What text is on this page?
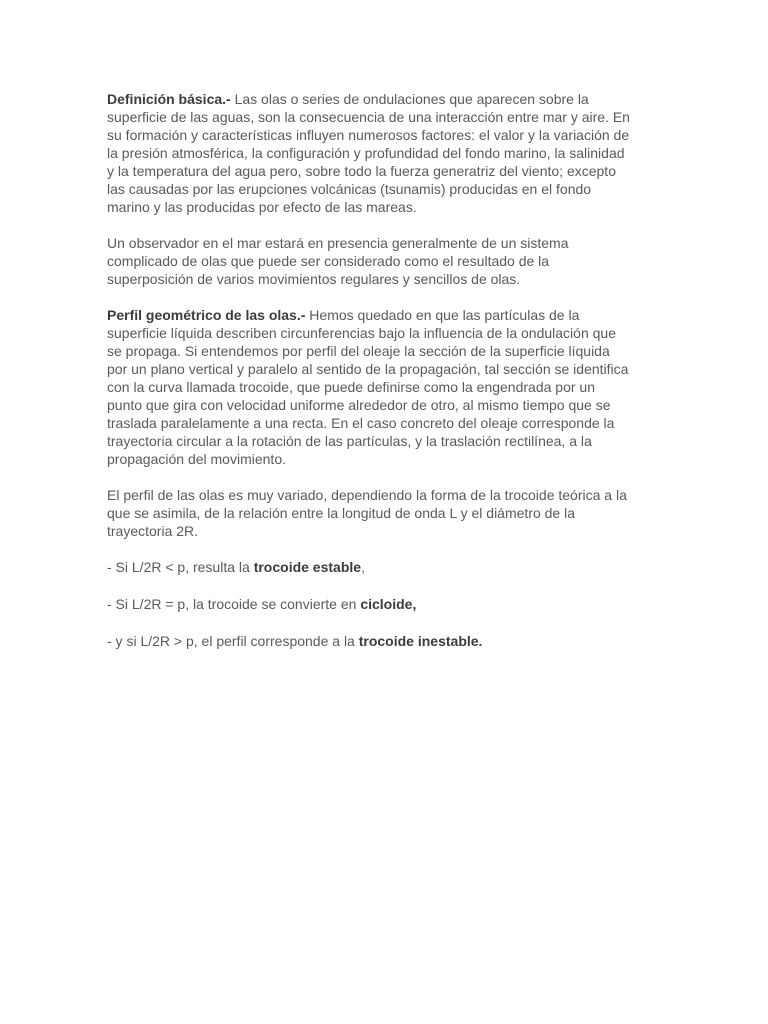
Definición básica.- Las olas o series de ondulaciones que aparecen sobre la superficie de las aguas, son la consecuencia de una interacción entre mar y aire. En su formación y características influyen numerosos factores: el valor y la variación de la presión atmosférica, la configuración y profundidad del fondo marino, la salinidad y la temperatura del agua pero, sobre todo la fuerza generatriz del viento; excepto las causadas por las erupciones volcánicas (tsunamis) producidas en el fondo marino y las producidas por efecto de las mareas.

Un observador en el mar estará en presencia generalmente de un sistema complicado de olas que puede ser considerado como el resultado de la superposición de varios movimientos regulares y sencillos de olas.

Perfil geométrico de las olas.- Hemos quedado en que las partículas de la superficie líquida describen circunferencias bajo la influencia de la ondulación que se propaga. Si entendemos por perfil del oleaje la sección de la superficie líquida por un plano vertical y paralelo al sentido de la propagación, tal sección se identifica con la curva llamada trocoide, que puede definirse como la engendrada por un punto que gira con velocidad uniforme alrededor de otro, al mismo tiempo que se traslada paralelamente a una recta. En el caso concreto del oleaje corresponde la trayectoria circular a la rotación de las partículas, y la traslación rectilínea, a la propagación del movimiento.

El perfil de las olas es muy variado, dependiendo la forma de la trocoide teórica a la que se asimila, de la relación entre la longitud de onda L y el diámetro de la trayectoria 2R.

- Si L/2R < p, resulta la trocoide estable,

- Si L/2R = p, la trocoide se convierte en cicloide,

- y si L/2R > p, el perfil corresponde a la trocoide inestable.
